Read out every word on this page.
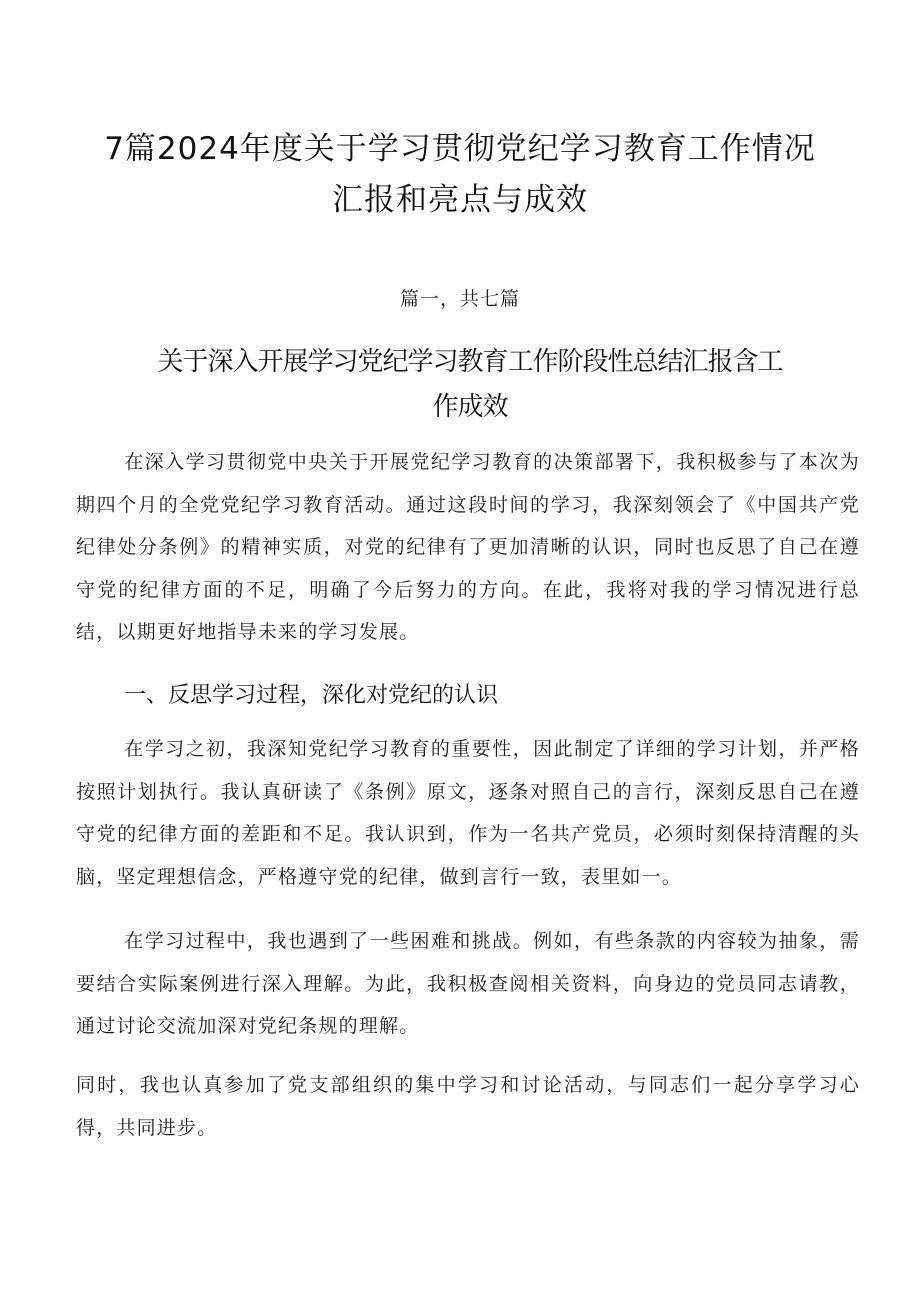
7篇2024年度关于学习贯彻党纪学习教育工作情况
汇报和亮点与成效
篇一，共七篇
关于深入开展学习党纪学习教育工作阶段性总结汇报含工
作成效

在深入学习贯彻党中央关于开展党纪学习教育的决策部署下，我积极参与了本次为期四个月的全党党纪学习教育活动。通过这段时间的学习，我深刻领会了《中国共产党纪律处分条例》的精神实质，对党的纪律有了更加清晰的认识，同时也反思了自己在遵守党的纪律方面的不足，明确了今后努力的方向。在此，我将对我的学习情况进行总结，以期更好地指导未来的学习发展。

一、反思学习过程，深化对党纪的认识

在学习之初，我深知党纪学习教育的重要性，因此制定了详细的学习计划，并严格按照计划执行。我认真研读了《条例》原文，逐条对照自己的言行，深刻反思自己在遵守党的纪律方面的差距和不足。我认识到，作为一名共产党员，必须时刻保持清醒的头脑，坚定理想信念，严格遵守党的纪律，做到言行一致，表里如一。

在学习过程中，我也遇到了一些困难和挑战。例如，有些条款的内容较为抽象，需要结合实际案例进行深入理解。为此，我积极查阅相关资料，向身边的党员同志请教，通过讨论交流加深对党纪条规的理解。

同时，我也认真参加了党支部组织的集中学习和讨论活动，与同志们一起分享学习心得，共同进步。
